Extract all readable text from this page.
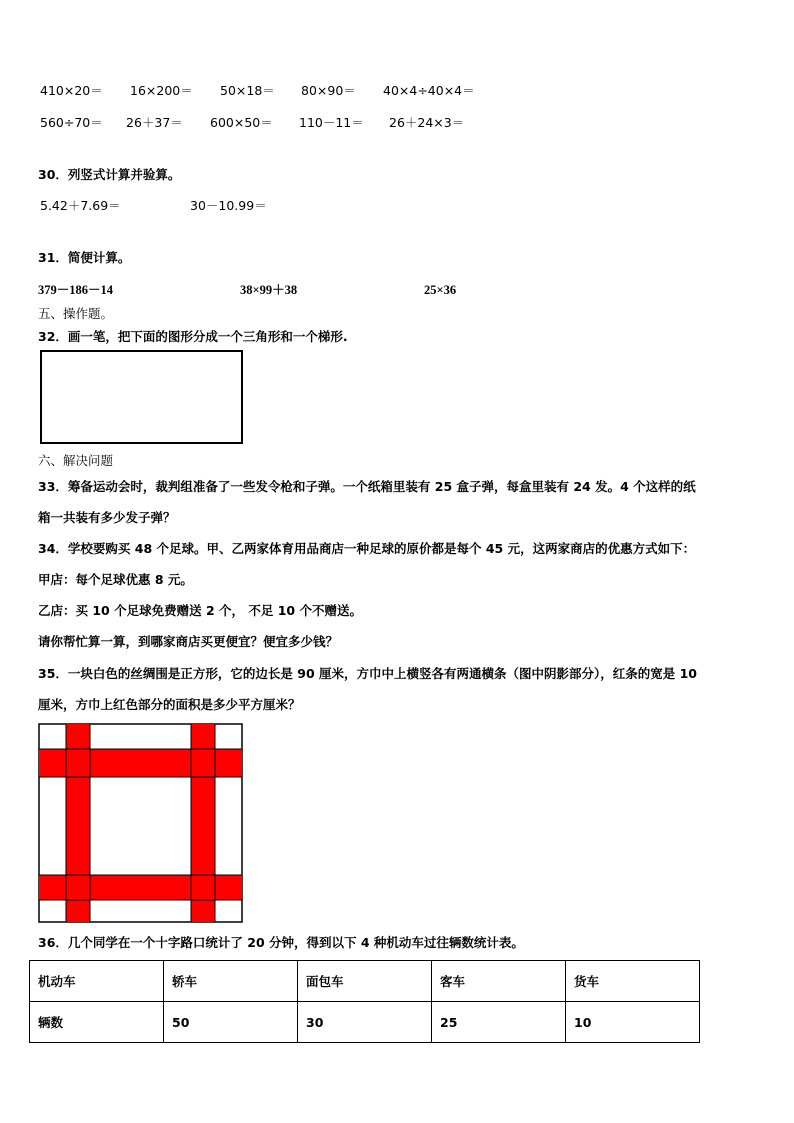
410×20＝ 16×200＝ 50×18＝ 80×90＝ 40×4÷40×4＝
560÷70＝ 26＋37＝ 600×50＝ 110－11＝ 26＋24×3＝
30．列竖式计算并验算。
5.42＋7.69＝	30－10.99＝
31．简便计算。
379－186－14	38×99＋38	25×36
五、操作题。
32．画一笔，把下面的图形分成一个三角形和一个梯形.
六、解决问题
33．筹备运动会时，裁判组准备了一些发令枪和子弹。一个纸箱里装有 25 盒子弹，每盒里装有 24 发。4 个这样的纸
箱一共装有多少发子弹？
34．学校要购买 48 个足球。甲、乙两家体育用品商店一种足球的原价都是每个 45 元，这两家商店的优惠方式如下：
甲店：每个足球优惠 8 元。
乙店：买 10 个足球免费赠送 2 个， 不足 10 个不赠送。
请你帮忙算一算，到哪家商店买更便宜？便宜多少钱？
35．一块白色的丝绸围是正方形，它的边长是 90 厘米，方巾中上横竖各有两通横条（图中阴影部分），红条的宽是 10
厘米，方巾上红色部分的面积是多少平方厘米？
36．几个同学在一个十字路口统计了 20 分钟，得到以下 4 种机动车过往辆数统计表。
机动车	轿车	面包车	客车	货车
辆数	50	30	25	10
